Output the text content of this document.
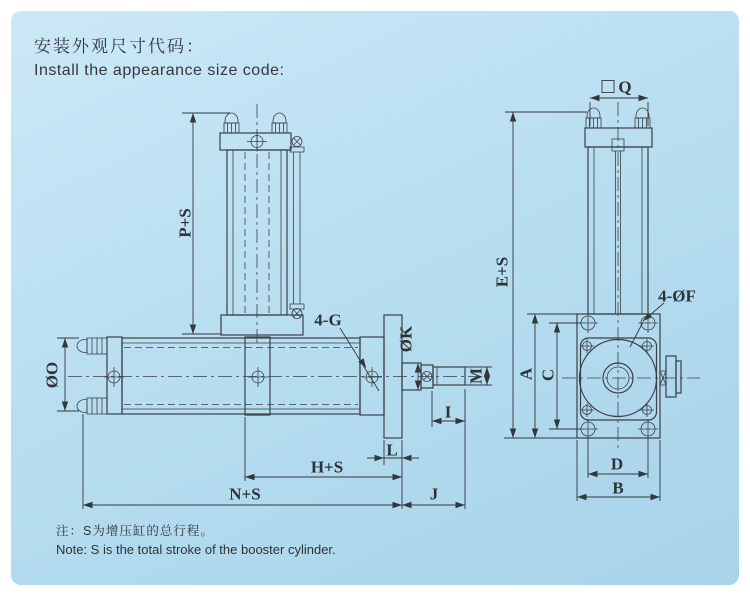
安装外观尺寸代码：
Install the appearance size code:
P+S
ØO
4-G
ØK
M
I
L
H+S
N+S	J
Q
E+S
A C
4-ØF
D
B
注：S为增压缸的总行程。
Note: S is the total stroke of the booster cylinder.
